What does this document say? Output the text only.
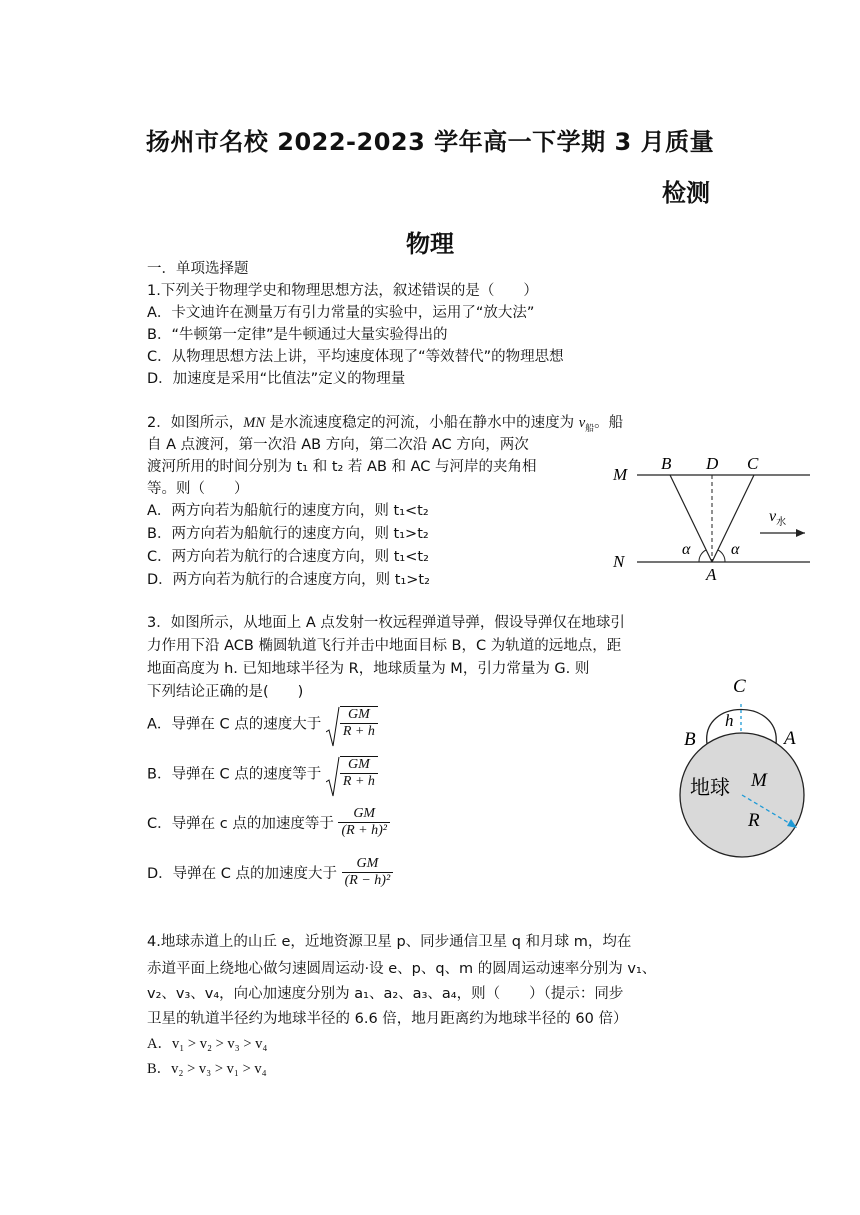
扬州市名校 2022-2023 学年高一下学期 3 月质量
检测
物理
一．单项选择题
1.下列关于物理学史和物理思想方法，叙述错误的是（　　）
A．卡文迪许在测量万有引力常量的实验中，运用了“放大法”
B．“牛顿第一定律”是牛顿通过大量实验得出的
C．从物理思想方法上讲，平均速度体现了“等效替代”的物理思想
D．加速度是采用“比值法”定义的物理量
2．如图所示，MN 是水流速度稳定的河流，小船在静水中的速度为 $v_船$。船
自 A 点渡河，第一次沿 AB 方向，第二次沿 AC 方向，两次
渡河所用的时间分别为 t₁ 和 t₂ 若 AB 和 AC 与河岸的夹角相
等。则（　　）
A．两方向若为船航行的速度方向，则 t₁<t₂
B．两方向若为船航行的速度方向，则 t₁>t₂
C．两方向若为航行的合速度方向，则 t₁<t₂
D．两方向若为航行的合速度方向，则 t₁>t₂
M
N
B D C
A
α	α
$v_水$
3．如图所示，从地面上 A 点发射一枚远程弹道导弹，假设导弹仅在地球引
力作用下沿 ACB 椭圆轨道飞行并击中地面目标 B，C 为轨道的远地点，距
地面高度为 h. 已知地球半径为 R，地球质量为 M，引力常量为 G. 则
下列结论正确的是(　　)
A．导弹在 C 点的速度大于 $\frac{GM}{R + h}$
B．导弹在 C 点的速度等于 $\frac{GM}{R + h}$
C．导弹在 c 点的加速度等于 $\frac{GM}{\text{(R + h)²}}$
D．导弹在 C 点的加速度大于 $\frac{GM}{\text{(R − h)²}}$
C
h
B	A
地球 M
R
4.地球赤道上的山丘 e，近地资源卫星 p、同步通信卫星 q 和月球 m，均在
赤道平面上绕地心做匀速圆周运动·设 e、p、q、m 的圆周运动速率分别为 v₁、
v₂、v₃、v₄，向心加速度分别为 a₁、a₂、a₃、a₄，则（　　）（提示：同步
卫星的轨道半径约为地球半径的 6.6 倍，地月距离约为地球半径的 60 倍）
A．v₁ > v₂ > v₃ > v₄
B．v₂ > v₃ > v₁ > v₄
